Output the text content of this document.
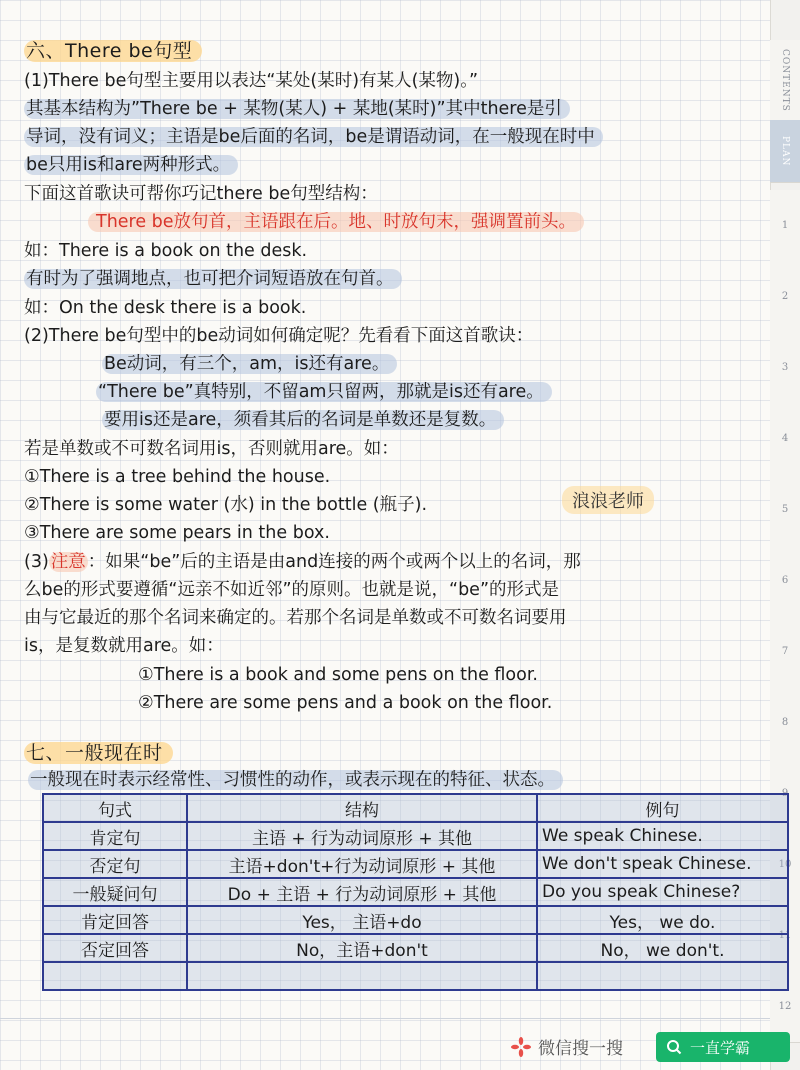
CONTENTS
PLAN
1
2
3
4
5
6
7
8
9
10
11
12
六、There be句型
(1)There be句型主要用以表达“某处(某时)有某人(某物)。”
其基本结构为”There be + 某物(某人) + 某地(某时)”其中there是引
导词，没有词义；主语是be后面的名词，be是谓语动词，在一般现在时中
be只用is和are两种形式。
下面这首歌诀可帮你巧记there be句型结构：
There be放句首，主语跟在后。地、时放句末，强调置前头。
如：There is a book on the desk.
有时为了强调地点，也可把介词短语放在句首。
如：On the desk there is a book.
(2)There be句型中的be动词如何确定呢？先看看下面这首歌诀：
Be动词，有三个，am，is还有are。
“There be”真特别，不留am只留两，那就是is还有are。
要用is还是are，须看其后的名词是单数还是复数。
若是单数或不可数名词用is，否则就用are。如：
①There is a tree behind the house.
②There is some water (水) in the bottle (瓶子).
③There are some pears in the box.
(3) 注意 ：如果“be”后的主语是由and连接的两个或两个以上的名词，那
么be的形式要遵循“远亲不如近邻”的原则。也就是说，“be”的形式是
由与它最近的那个名词来确定的。若那个名词是单数或不可数名词要用
is，是复数就用are。如：
①There is a book and some pens on the floor.
②There are some pens and a book on the floor.
浪浪老师
七、一般现在时
一般现在时表示经常性、习惯性的动作，或表示现在的特征、状态。
句式	结构	例句
肯定句	主语 + 行为动词原形 + 其他	We speak Chinese.
否定句	主语+don't+行为动词原形 + 其他	We don't speak Chinese.
一般疑问句	Do + 主语 + 行为动词原形 + 其他	Do you speak Chinese?
肯定回答	Yes， 主语+do	Yes， we do.
否定回答	No，主语+don't	No， we don't.

微信搜一搜	一直学霸
